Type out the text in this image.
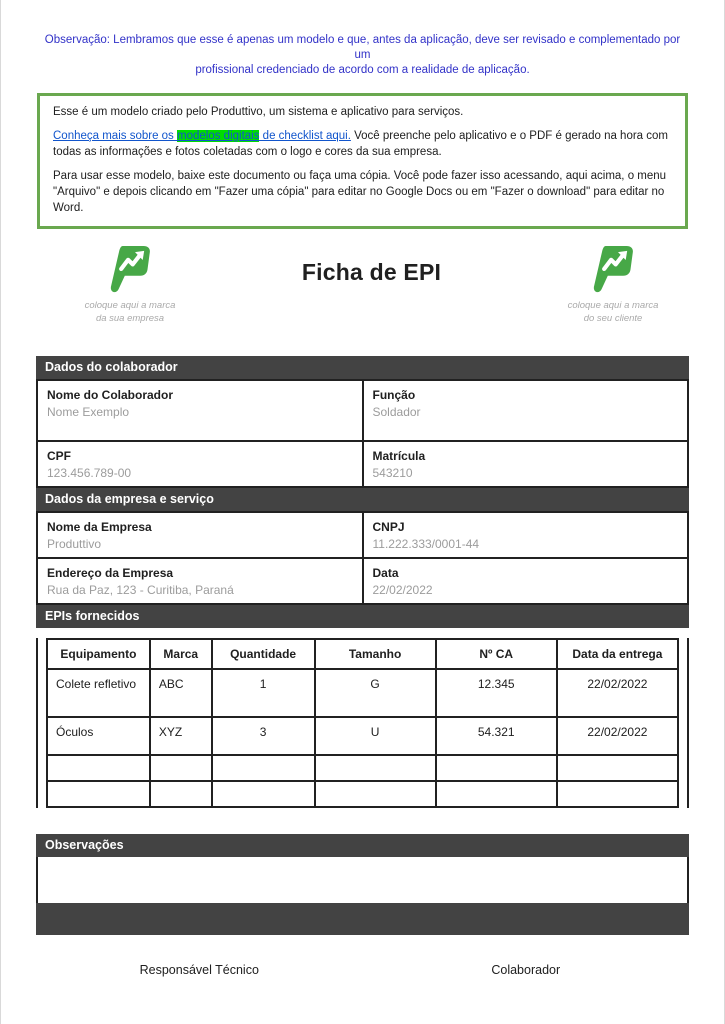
Observação: Lembramos que esse é apenas um modelo e que, antes da aplicação, deve ser revisado e complementado por um
profissional credenciado de acordo com a realidade de aplicação.

Esse é um modelo criado pelo Produttivo, um sistema e aplicativo para serviços.

Conheça mais sobre os modelos digitais de checklist aqui. Você preenche pelo aplicativo e o PDF é gerado na hora com todas as informações e fotos coletadas com o logo e cores da sua empresa.

Para usar esse modelo, baixe este documento ou faça uma cópia. Você pode fazer isso acessando, aqui acima, o menu "Arquivo" e depois clicando em "Fazer uma cópia" para editar no Google Docs ou em "Fazer o download" para editar no Word.

coloque aqui a marca
da sua empresa
Ficha de EPI
coloque aqui a marca
do seu cliente
Dados do colaborador
Nome do Colaborador
Nome Exemplo

Função
Soldador

CPF
123.456.789-00

Matrícula
543210
Dados da empresa e serviço
Nome da Empresa
Produttivo

CNPJ
11.222.333/0001-44

Endereço da Empresa
Rua da Paz, 123 - Curitiba, Paraná

Data
22/02/2022
EPIs fornecidos
Equipamento	Marca	Quantidade	Tamanho	Nº CA	Data da entrega
Colete refletivo	ABC	1	G	12.345	22/02/2022
Óculos	XYZ	3	U	54.321	22/02/2022

Observações
Responsável Técnico	Colaborador
